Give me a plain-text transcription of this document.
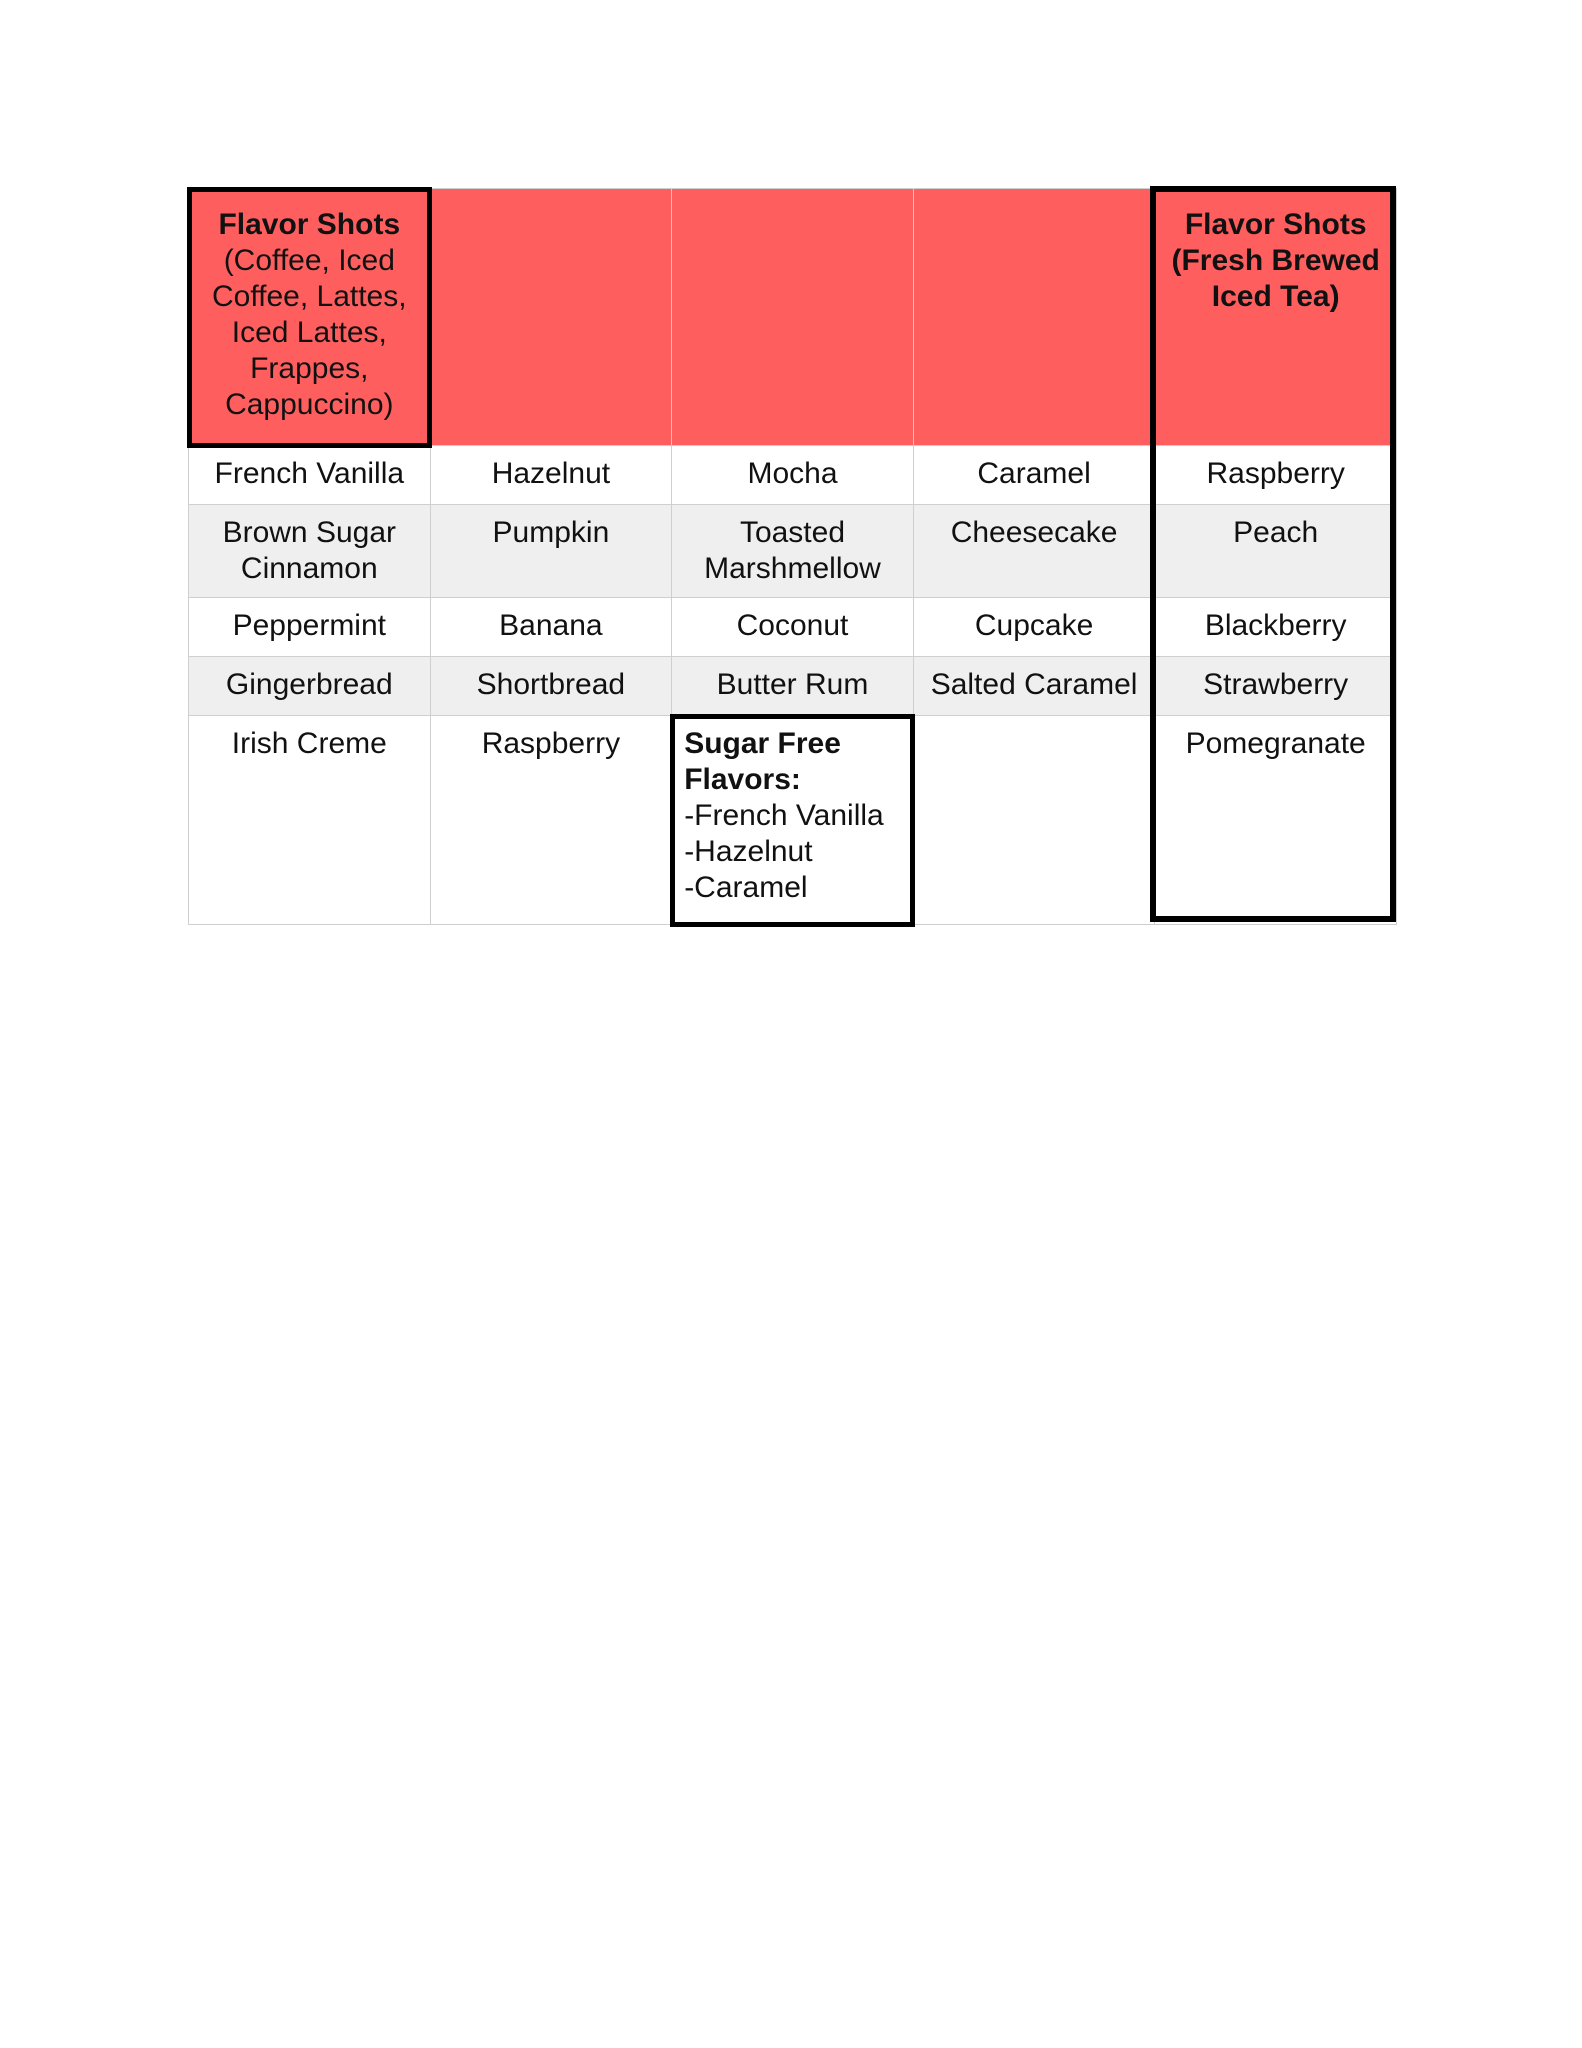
Flavor Shots (Coffee, Iced Coffee, Lattes, Iced Lattes, Frappes, Cappuccino)				Flavor Shots (Fresh Brewed Iced Tea)
French Vanilla	Hazelnut	Mocha	Caramel	Raspberry
Brown Sugar Cinnamon	Pumpkin	Toasted Marshmellow	Cheesecake	Peach
Peppermint	Banana	Coconut	Cupcake	Blackberry
Gingerbread	Shortbread	Butter Rum	Salted Caramel	Strawberry
Irish Creme	Raspberry	Sugar Free
Flavors:
-French Vanilla
-Hazelnut
-Caramel		Pomegranate
